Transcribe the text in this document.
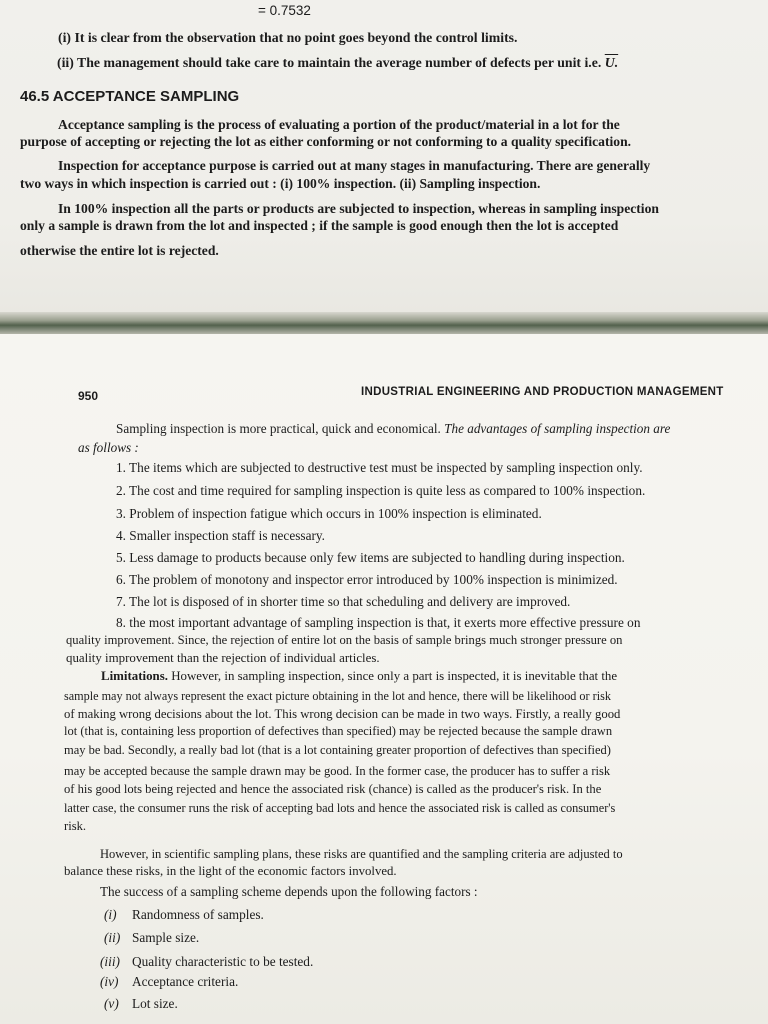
= 0.7532
(i) It is clear from the observation that no point goes beyond the control limits.
(ii) The management should take care to maintain the average number of defects per unit i.e. U.
46.5 ACCEPTANCE SAMPLING
Acceptance sampling is the process of evaluating a portion of the product/material in a lot for the
purpose of accepting or rejecting the lot as either conforming or not conforming to a quality specification.
Inspection for acceptance purpose is carried out at many stages in manufacturing. There are generally
two ways in which inspection is carried out : (i) 100% inspection. (ii) Sampling inspection.
In 100% inspection all the parts or products are subjected to inspection, whereas in sampling inspection
only a sample is drawn from the lot and inspected ; if the sample is good enough then the lot is accepted
otherwise the entire lot is rejected.
950	INDUSTRIAL ENGINEERING AND PRODUCTION MANAGEMENT
Sampling inspection is more practical, quick and economical. The advantages of sampling inspection are
as follows :
1. The items which are subjected to destructive test must be inspected by sampling inspection only.
2. The cost and time required for sampling inspection is quite less as compared to 100% inspection.
3. Problem of inspection fatigue which occurs in 100% inspection is eliminated.
4. Smaller inspection staff is necessary.
5. Less damage to products because only few items are subjected to handling during inspection.
6. The problem of monotony and inspector error introduced by 100% inspection is minimized.
7. The lot is disposed of in shorter time so that scheduling and delivery are improved.
8. the most important advantage of sampling inspection is that, it exerts more effective pressure on
quality improvement. Since, the rejection of entire lot on the basis of sample brings much stronger pressure on
quality improvement than the rejection of individual articles.
Limitations. However, in sampling inspection, since only a part is inspected, it is inevitable that the
sample may not always represent the exact picture obtaining in the lot and hence, there will be likelihood or risk
of making wrong decisions about the lot. This wrong decision can be made in two ways. Firstly, a really good
lot (that is, containing less proportion of defectives than specified) may be rejected because the sample drawn
may be bad. Secondly, a really bad lot (that is a lot containing greater proportion of defectives than specified)
may be accepted because the sample drawn may be good. In the former case, the producer has to suffer a risk
of his good lots being rejected and hence the associated risk (chance) is called as the producer's risk. In the
latter case, the consumer runs the risk of accepting bad lots and hence the associated risk is called as consumer's
risk.
However, in scientific sampling plans, these risks are quantified and the sampling criteria are adjusted to
balance these risks, in the light of the economic factors involved.
The success of a sampling scheme depends upon the following factors :
(i) Randomness of samples.
(ii) Sample size.
(iii) Quality characteristic to be tested.
(iv) Acceptance criteria.
(v) Lot size.
